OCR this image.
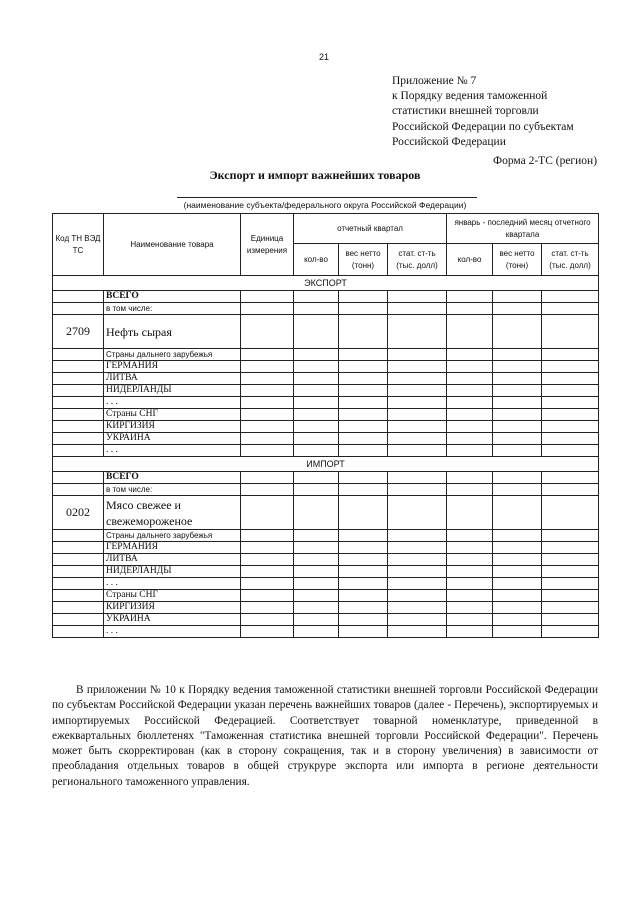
21
Приложение № 7
к Порядку ведения таможенной
статистики внешней торговли
Российской Федерации по субъектам
Российской Федерации
Форма 2-ТС (регион)
Экспорт и импорт важнейших товаров
(наименование субъекта/федерального округа Российской Федерации)
Код ТН ВЭД ТС	Наименование товара	Единица измерения	отчетный квартал			январь - последний месяц отчетного квартала		
			кол-во	вес нетто (тонн)	стат. ст-ть (тыс. долл)	кол-во	вес нетто (тонн)	стат. ст-ть (тыс. долл)
ЭКСПОРТ								
	ВСЕГО							
	в том числе:							
2709	Нефть сырая							
	Страны дальнего зарубежья							
	ГЕРМАНИЯ							
	ЛИТВА							
	НИДЕРЛАНДЫ							
	. . .							
	Страны СНГ							
	КИРГИЗИЯ							
	УКРАИНА							
	. . .							
ИМПОРТ								
	ВСЕГО							
	в том числе:							
0202	Мясо свежее и свежемороженое							
	Страны дальнего зарубежья							
	ГЕРМАНИЯ							
	ЛИТВА							
	НИДЕРЛАНДЫ							
	. . .							
	Страны СНГ							
	КИРГИЗИЯ							
	УКРАИНА							
	. . .							

В приложении № 10 к Порядку ведения таможенной статистики внешней торговли Российской Федерации по субъектам Российской Федерации указан перечень важнейших товаров (далее - Перечень), экспортируемых и импортируемых Российской Федерацией. Соответствует товарной номенклатуре, приведенной в ежеквартальных бюллетенях "Таможенная статистика внешней торговли Российской Федерации". Перечень может быть скорректирован (как в сторону сокращения, так и в сторону увеличения) в зависимости от преобладания отдельных товаров в общей струкруре экспорта или импорта в регионе деятельности регионального таможенного управления.
